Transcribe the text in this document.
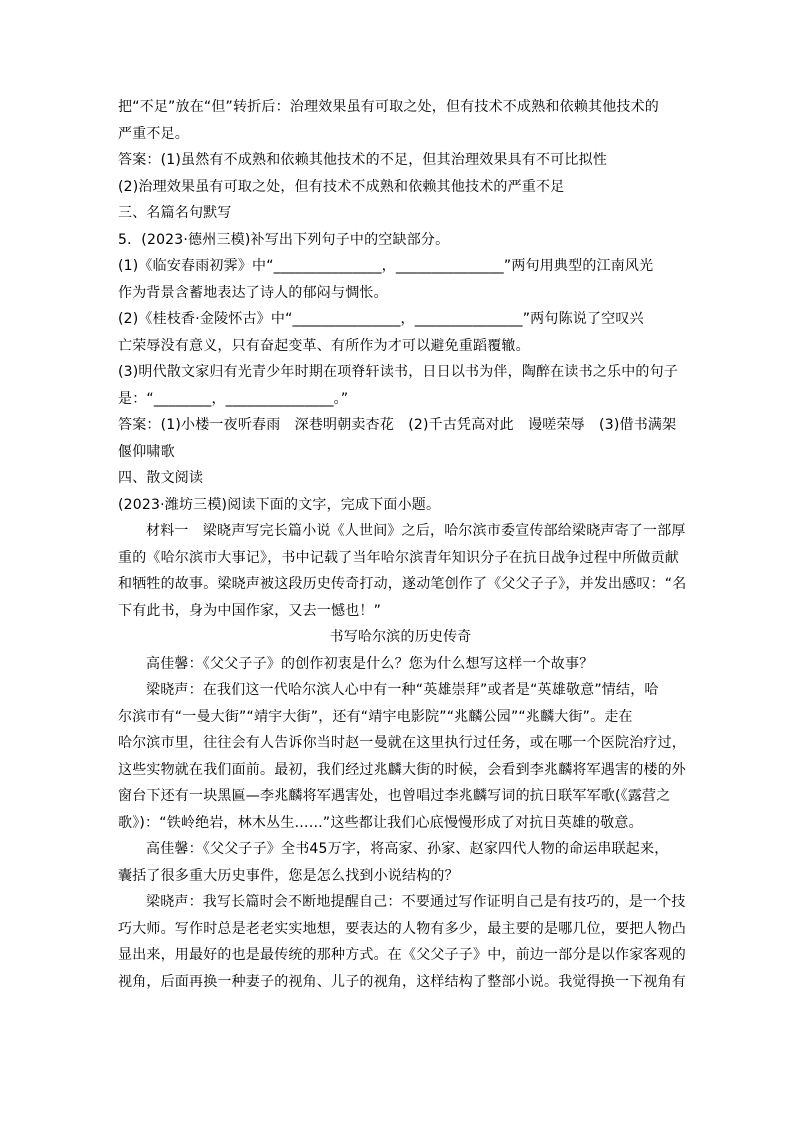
把“不足”放在“但”转折后：治理效果虽有可取之处，但有技术不成熟和依赖其他技术的
严重不足。
答案：(1)虽然有不成熟和依赖其他技术的不足，但其治理效果具有不可比拟性
(2)治理效果虽有可取之处，但有技术不成熟和依赖其他技术的严重不足
三、名篇名句默写
5．(2023·德州三模)补写出下列句子中的空缺部分。
(1)《临安春雨初霁》中“_______________，_______________”两句用典型的江南风光
作为背景含蓄地表达了诗人的郁闷与惆怅。
(2)《桂枝香·金陵怀古》中“_______________，_______________”两句陈说了空叹兴
亡荣辱没有意义，只有奋起变革、有所作为才可以避免重蹈覆辙。
(3)明代散文家归有光青少年时期在项脊轩读书，日日以书为伴，陶醉在读书之乐中的句子
是：“________，_______________。”
答案：(1)小楼一夜听春雨　深巷明朝卖杏花　(2)千古凭高对此　谩嗟荣辱　(3)借书满架
偃仰啸歌
四、散文阅读
(2023·潍坊三模)阅读下面的文字，完成下面小题。
材料一　梁晓声写完长篇小说《人世间》之后，哈尔滨市委宣传部给梁晓声寄了一部厚
重的《哈尔滨市大事记》，书中记载了当年哈尔滨青年知识分子在抗日战争过程中所做贡献
和牺牲的故事。梁晓声被这段历史传奇打动，遂动笔创作了《父父子子》，并发出感叹：“名
下有此书，身为中国作家，又去一憾也！”
书写哈尔滨的历史传奇
高佳馨：《父父子子》的创作初衷是什么？您为什么想写这样一个故事？
梁晓声：在我们这一代哈尔滨人心中有一种“英雄崇拜”或者是“英雄敬意”情结，哈
尔滨市有“一曼大街”“靖宇大街”，还有“靖宇电影院”“兆麟公园”“兆麟大街”。走在
哈尔滨市里，往往会有人告诉你当时赵一曼就在这里执行过任务，或在哪一个医院治疗过，
这些实物就在我们面前。最初，我们经过兆麟大街的时候，会看到李兆麟将军遇害的楼的外
窗台下还有一块黑匾—李兆麟将军遇害处，也曾唱过李兆麟写词的抗日联军军歌(《露营之
歌》)：“铁岭绝岩，林木丛生……”这些都让我们心底慢慢形成了对抗日英雄的敬意。
高佳馨：《父父子子》全书45万字，将高家、孙家、赵家四代人物的命运串联起来，
囊括了很多重大历史事件，您是怎么找到小说结构的？
梁晓声：我写长篇时会不断地提醒自己：不要通过写作证明自己是有技巧的，是一个技
巧大师。写作时总是老老实实地想，要表达的人物有多少，最主要的是哪几位，要把人物凸
显出来，用最好的也是最传统的那种方式。在《父父子子》中，前边一部分是以作家客观的
视角，后面再换一种妻子的视角、儿子的视角，这样结构了整部小说。我觉得换一下视角有
